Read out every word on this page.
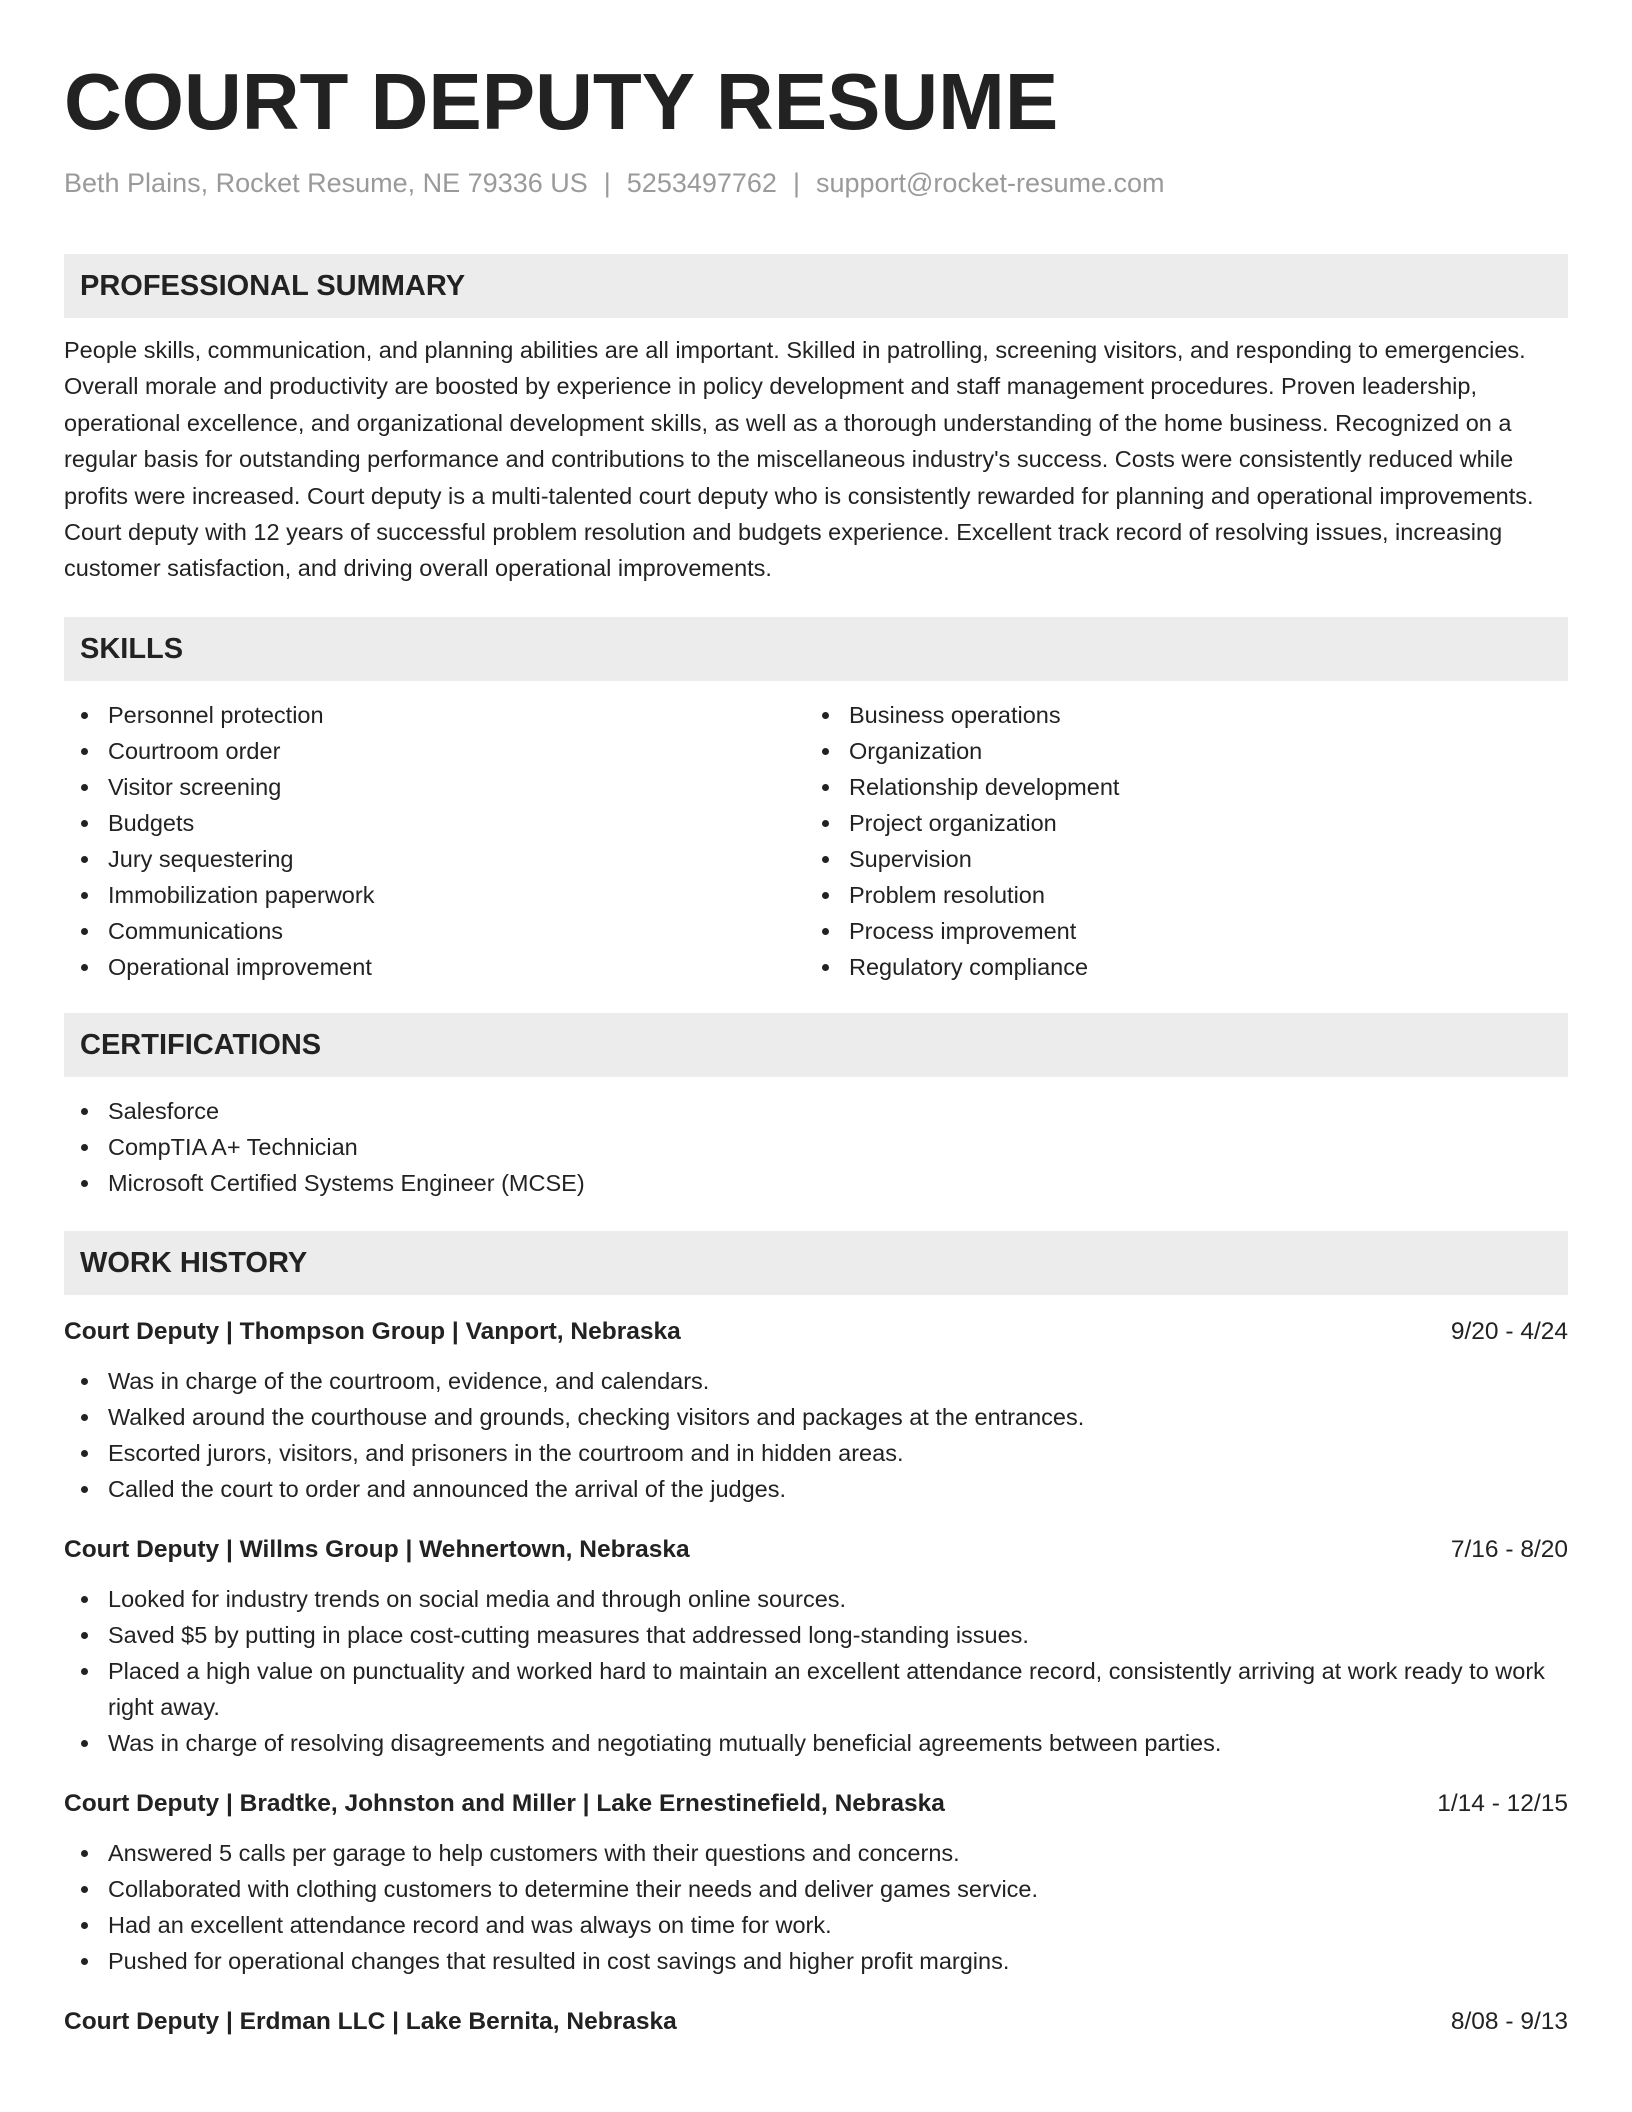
COURT DEPUTY RESUME
Beth Plains, Rocket Resume, NE 79336 US | 5253497762 | support@rocket-resume.com
PROFESSIONAL SUMMARY

People skills, communication, and planning abilities are all important. Skilled in patrolling, screening visitors, and responding to emergencies. Overall morale and productivity are boosted by experience in policy development and staff management procedures. Proven leadership, operational excellence, and organizational development skills, as well as a thorough understanding of the home business. Recognized on a regular basis for outstanding performance and contributions to the miscellaneous industry's success. Costs were consistently reduced while profits were increased. Court deputy is a multi-talented court deputy who is consistently rewarded for planning and operational improvements. Court deputy with 12 years of successful problem resolution and budgets experience. Excellent track record of resolving issues, increasing customer satisfaction, and driving overall operational improvements.

SKILLS
Personnel protection
Courtroom order
Visitor screening
Budgets
Jury sequestering
Immobilization paperwork
Communications
Operational improvement
Business operations
Organization
Relationship development
Project organization
Supervision
Problem resolution
Process improvement
Regulatory compliance
CERTIFICATIONS
Salesforce
CompTIA A+ Technician
Microsoft Certified Systems Engineer (MCSE)
WORK HISTORY
Court Deputy | Thompson Group | Vanport, Nebraska	9/20 - 4/24
Was in charge of the courtroom, evidence, and calendars.
Walked around the courthouse and grounds, checking visitors and packages at the entrances.
Escorted jurors, visitors, and prisoners in the courtroom and in hidden areas.
Called the court to order and announced the arrival of the judges.
Court Deputy | Willms Group | Wehnertown, Nebraska	7/16 - 8/20
Looked for industry trends on social media and through online sources.
Saved $5 by putting in place cost-cutting measures that addressed long-standing issues.
Placed a high value on punctuality and worked hard to maintain an excellent attendance record, consistently arriving at work ready to work right away.
Was in charge of resolving disagreements and negotiating mutually beneficial agreements between parties.
Court Deputy | Bradtke, Johnston and Miller | Lake Ernestinefield, Nebraska	1/14 - 12/15
Answered 5 calls per garage to help customers with their questions and concerns.
Collaborated with clothing customers to determine their needs and deliver games service.
Had an excellent attendance record and was always on time for work.
Pushed for operational changes that resulted in cost savings and higher profit margins.
Court Deputy | Erdman LLC | Lake Bernita, Nebraska	8/08 - 9/13
